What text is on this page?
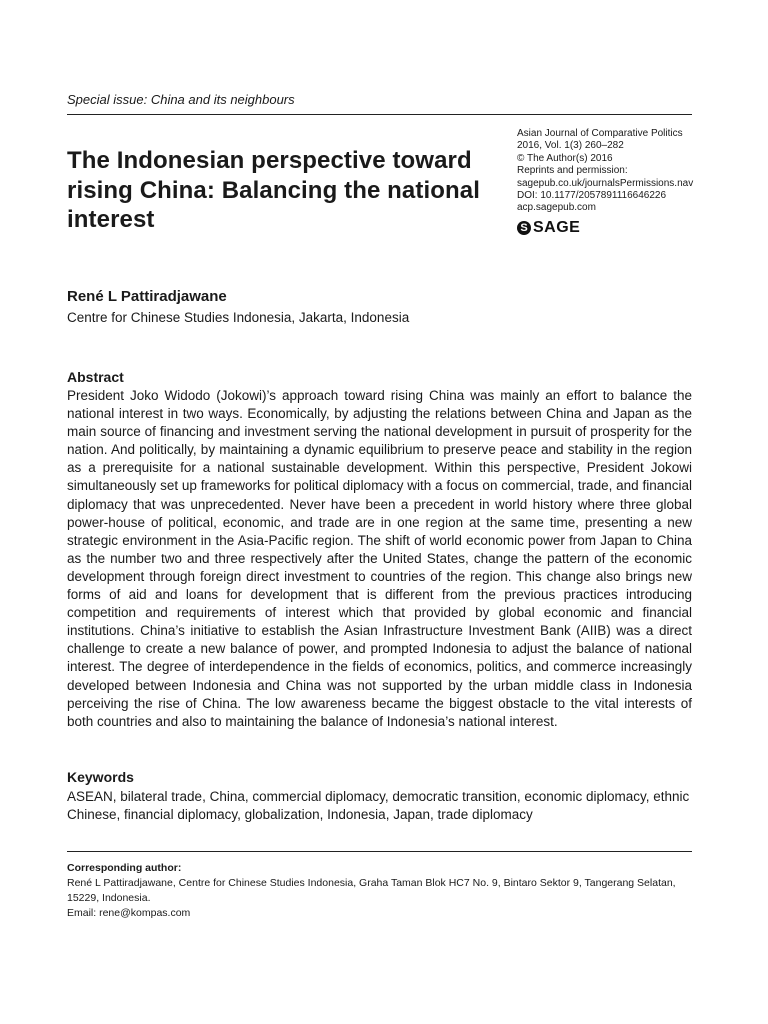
Special issue: China and its neighbours
The Indonesian perspective toward rising China: Balancing the national interest
Asian Journal of Comparative Politics
2016, Vol. 1(3) 260–282
© The Author(s) 2016
Reprints and permission:
sagepub.co.uk/journalsPermissions.nav
DOI: 10.1177/2057891116646226
acp.sagepub.com
S SAGE
René L Pattiradjawane
Centre for Chinese Studies Indonesia, Jakarta, Indonesia
Abstract

President Joko Widodo (Jokowi)’s approach toward rising China was mainly an effort to balance the national interest in two ways. Economically, by adjusting the relations between China and Japan as the main source of financing and investment serving the national development in pursuit of prosperity for the nation. And politically, by maintaining a dynamic equilibrium to preserve peace and stability in the region as a prerequisite for a national sustainable development. Within this perspective, President Jokowi simultaneously set up frameworks for political diplomacy with a focus on commercial, trade, and financial diplomacy that was unprecedented. Never have been a precedent in world history where three global power-house of political, economic, and trade are in one region at the same time, presenting a new strategic environment in the Asia-Pacific region. The shift of world economic power from Japan to China as the number two and three respectively after the United States, change the pattern of the economic development through foreign direct investment to countries of the region. This change also brings new forms of aid and loans for development that is different from the previous practices introducing competition and requirements of interest which that provided by global economic and financial institutions. China’s initiative to establish the Asian Infrastructure Investment Bank (AIIB) was a direct challenge to create a new balance of power, and prompted Indonesia to adjust the balance of national interest. The degree of interdependence in the fields of economics, politics, and commerce increasingly developed between Indonesia and China was not supported by the urban middle class in Indonesia perceiving the rise of China. The low awareness became the biggest obstacle to the vital interests of both countries and also to maintaining the balance of Indonesia’s national interest.

Keywords

ASEAN, bilateral trade, China, commercial diplomacy, democratic transition, economic diplomacy, ethnic Chinese, financial diplomacy, globalization, Indonesia, Japan, trade diplomacy

Corresponding author:
René L Pattiradjawane, Centre for Chinese Studies Indonesia, Graha Taman Blok HC7 No. 9, Bintaro Sektor 9, Tangerang Selatan, 15229, Indonesia.
Email: rene@kompas.com
